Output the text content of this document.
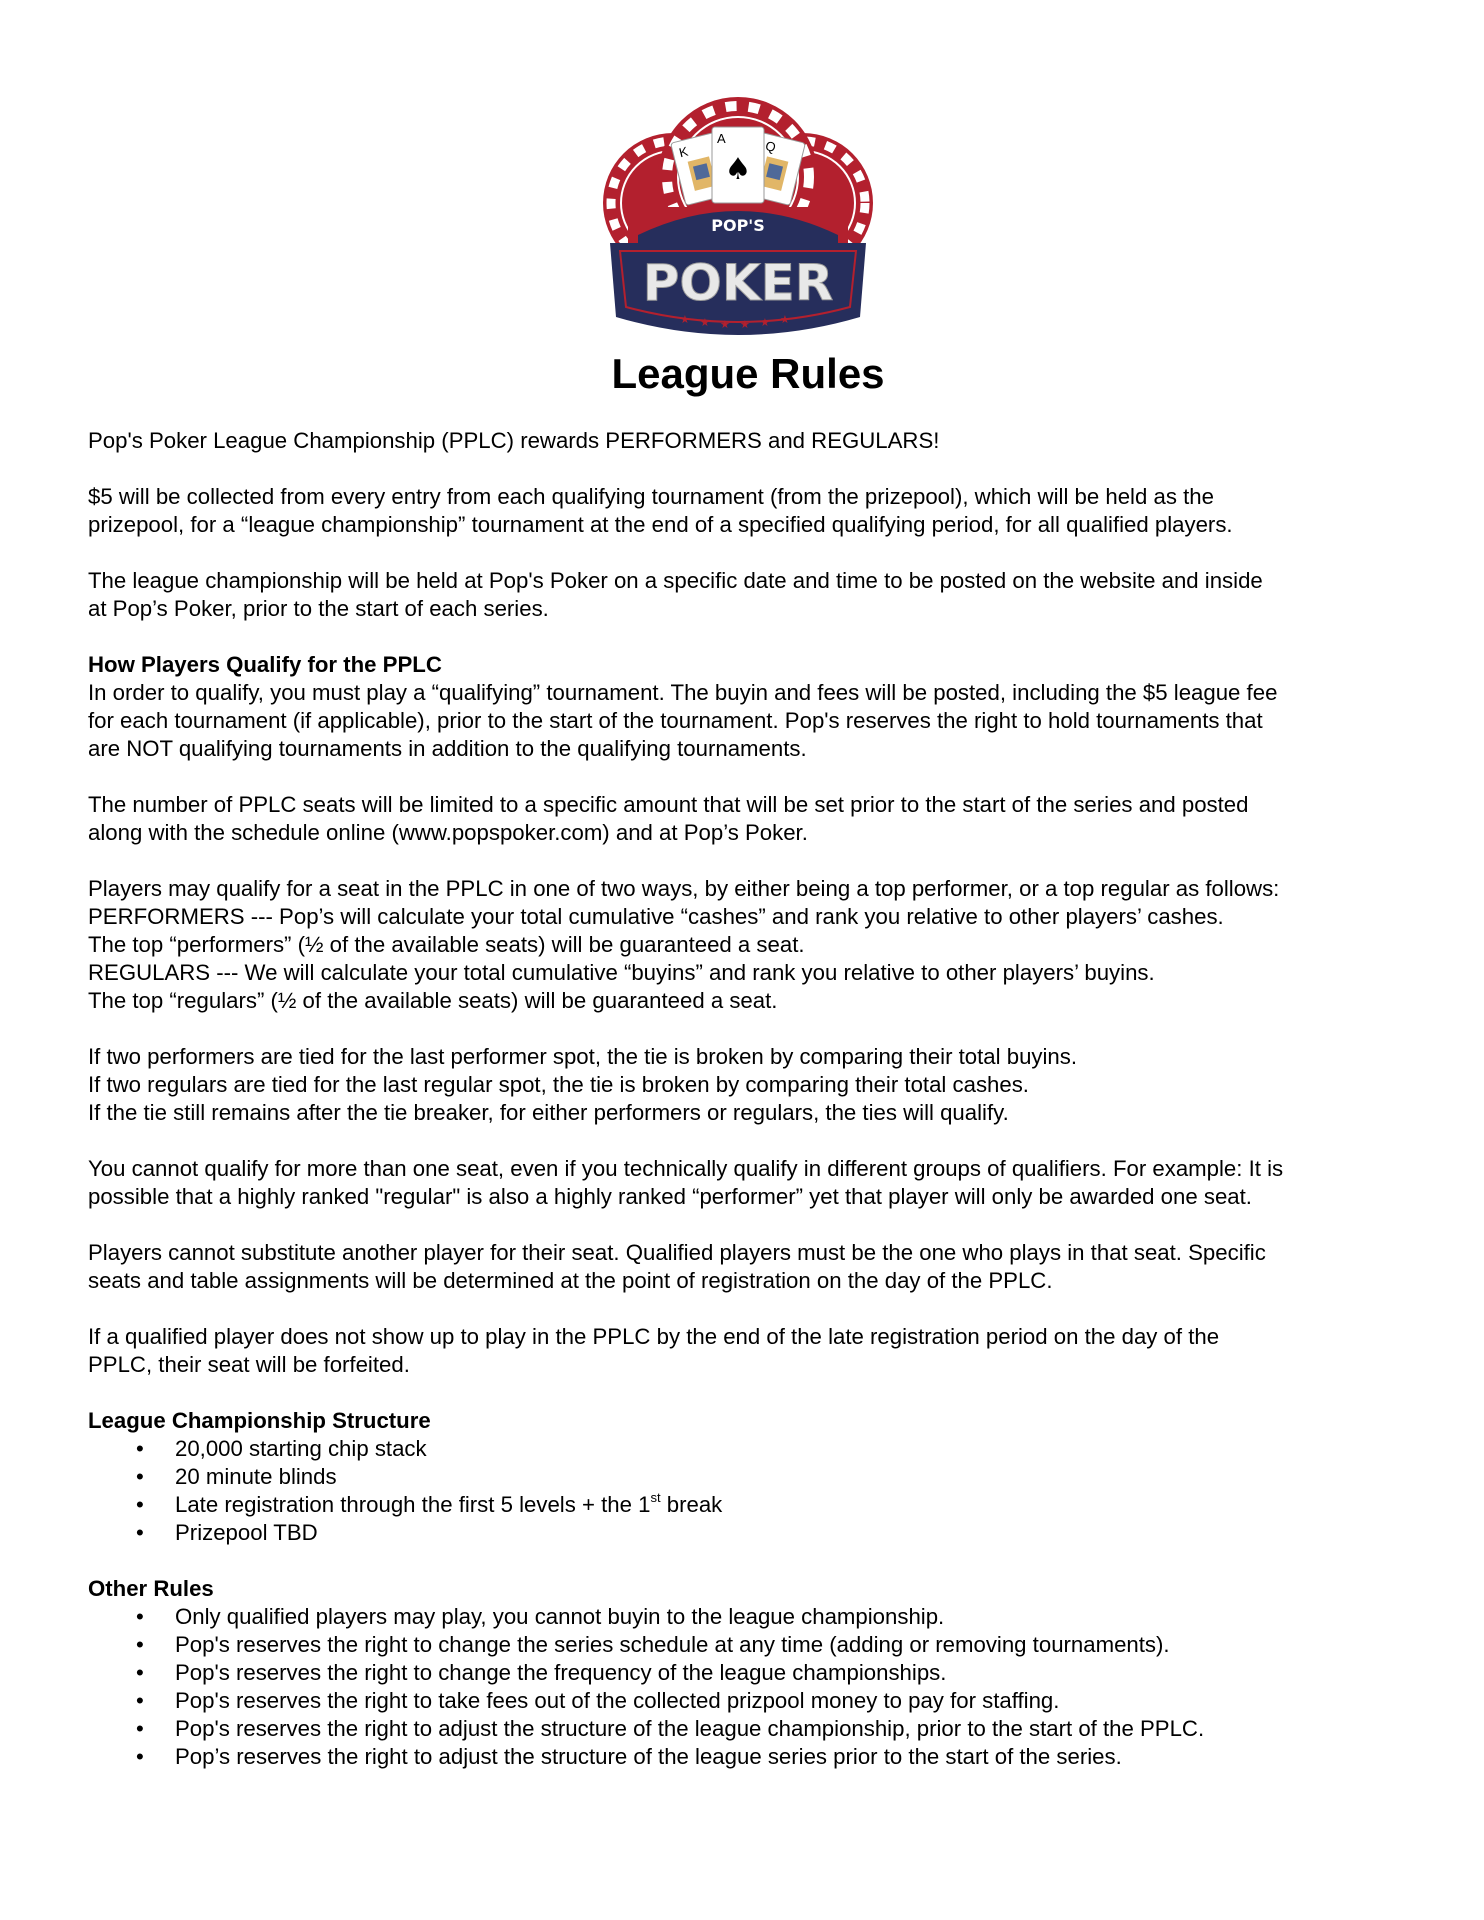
K	Q
A
♠
POP'S
POKER
★ ★ ★ ★ ★ ★
League Rules

Pop's Poker League Championship (PPLC) rewards PERFORMERS and REGULARS!

$5 will be collected from every entry from each qualifying tournament (from the prizepool), which will be held as the
prizepool, for a “league championship” tournament at the end of a specified qualifying period, for all qualified players.

The league championship will be held at Pop's Poker on a specific date and time to be posted on the website and inside
at Pop’s Poker, prior to the start of each series.

How Players Qualify for the PPLC
In order to qualify, you must play a “qualifying” tournament. The buyin and fees will be posted, including the $5 league fee
for each tournament (if applicable), prior to the start of the tournament. Pop's reserves the right to hold tournaments that
are NOT qualifying tournaments in addition to the qualifying tournaments.

The number of PPLC seats will be limited to a specific amount that will be set prior to the start of the series and posted
along with the schedule online (www.popspoker.com) and at Pop’s Poker.

Players may qualify for a seat in the PPLC in one of two ways, by either being a top performer, or a top regular as follows:
PERFORMERS --- Pop’s will calculate your total cumulative “cashes” and rank you relative to other players’ cashes.
The top “performers” (½ of the available seats) will be guaranteed a seat.
REGULARS --- We will calculate your total cumulative “buyins” and rank you relative to other players’ buyins.
The top “regulars” (½ of the available seats) will be guaranteed a seat.

If two performers are tied for the last performer spot, the tie is broken by comparing their total buyins.
If two regulars are tied for the last regular spot, the tie is broken by comparing their total cashes.
If the tie still remains after the tie breaker, for either performers or regulars, the ties will qualify.

You cannot qualify for more than one seat, even if you technically qualify in different groups of qualifiers. For example: It is
possible that a highly ranked "regular" is also a highly ranked “performer” yet that player will only be awarded one seat.

Players cannot substitute another player for their seat. Qualified players must be the one who plays in that seat. Specific
seats and table assignments will be determined at the point of registration on the day of the PPLC.

If a qualified player does not show up to play in the PPLC by the end of the late registration period on the day of the
PPLC, their seat will be forfeited.

League Championship Structure
• 20,000 starting chip stack
• 20 minute blinds
• Late registration through the first 5 levels + the 1st break
• Prizepool TBD
Other Rules
• Only qualified players may play, you cannot buyin to the league championship.
• Pop's reserves the right to change the series schedule at any time (adding or removing tournaments).
• Pop's reserves the right to change the frequency of the league championships.
• Pop's reserves the right to take fees out of the collected prizpool money to pay for staffing.
• Pop's reserves the right to adjust the structure of the league championship, prior to the start of the PPLC.
• Pop’s reserves the right to adjust the structure of the league series prior to the start of the series.
